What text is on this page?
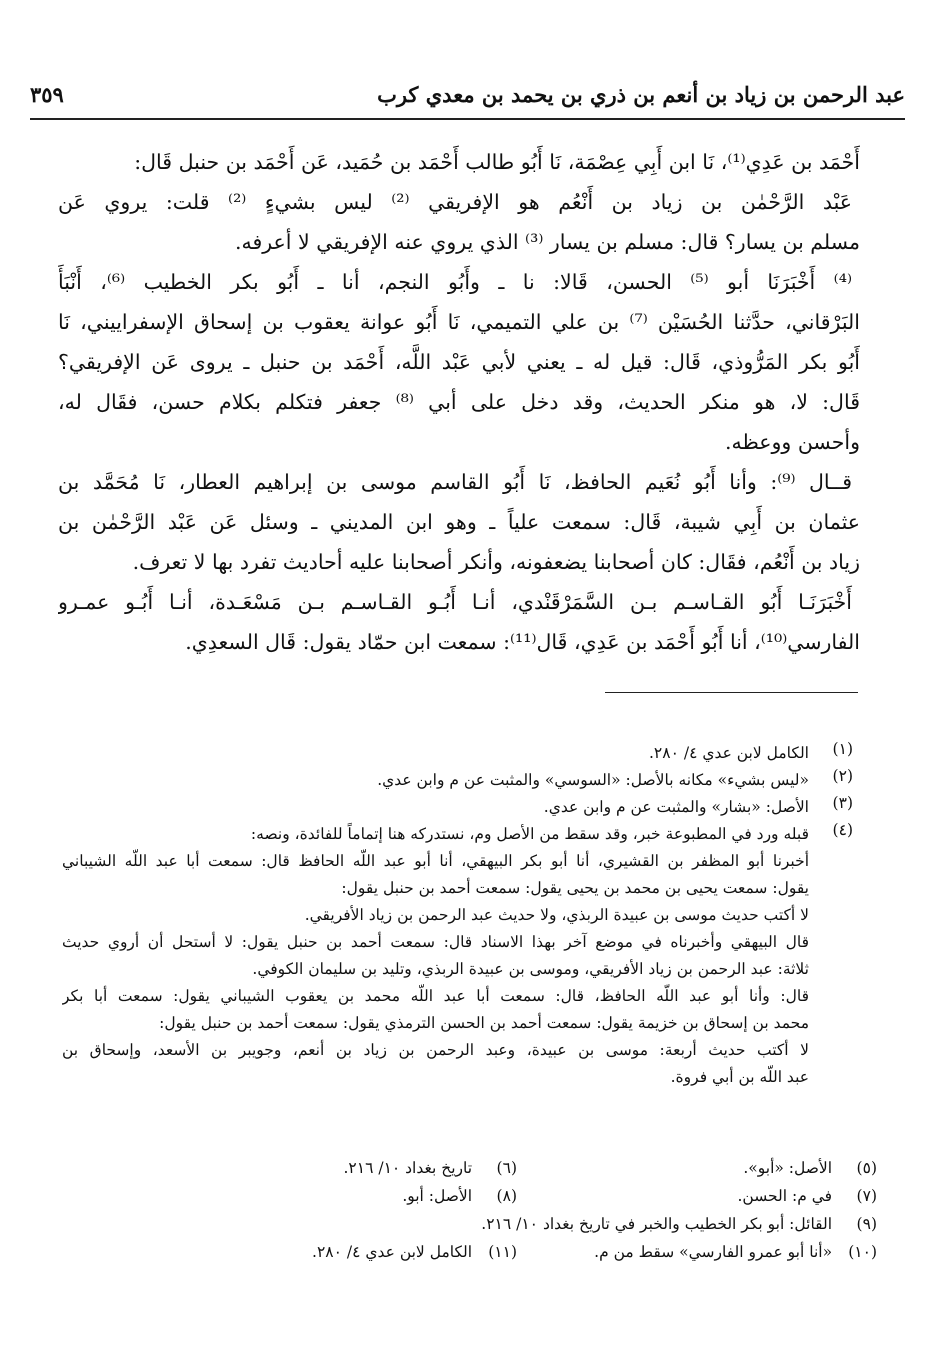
عبد الرحمن بن زياد بن أنعم بن ذري بن يحمد بن معدي كرب
٣٥٩
أَحْمَد بن عَدِي⁽¹⁾، نَا ابن أَبِي عِصْمَة، نَا أَبُو طالب أَحْمَد بن حُمَيد، عَن أَحْمَد بن حنبل قَال:
عَبْد الرَّحْمٰن بن زياد بن أَنْعُم هو الإفريقي ⁽²⁾ ليس بشيءٍ ⁽²⁾ قلت: يروي عَن
مسلم بن يسار؟ قال: مسلم بن يسار ⁽³⁾ الذي يروي عنه الإفريقي لا أعرفه.
⁽⁴⁾ أَخْبَرَنَا أبو ⁽⁵⁾ الحسن، قَالا: نا ـ وأَبُو النجم، أنا ـ أَبُو بكر الخطيب ⁽⁶⁾، أَنْبَأَ
البَرْقاني، حدَّثنا الحُسَيْن ⁽⁷⁾ بن علي التميمي، نَا أَبُو عوانة يعقوب بن إسحاق الإسفراييني، نَا
أَبُو بكر المَرُّوذي، قَال: قيل له ـ يعني لأبي عَبْد اللَّه، أَحْمَد بن حنبل ـ يروى عَن الإفريقي؟
قَال: لا، هو منكر الحديث، وقد دخل على أبي ⁽⁸⁾ جعفر فتكلم بكلام حسن، فقَال له،
وأحسن ووعظه.
قــال ⁽⁹⁾: وأنا أَبُو نُعَيم الحافظ، نَا أَبُو القاسم موسى بن إبراهيم العطار، نَا مُحَمَّد بن
عثمان بن أَبِي شيبة، قَال: سمعت علياً ـ وهو ابن المديني ـ وسئل عَن عَبْد الرَّحْمٰن بن
زياد بن أَنْعُم، فقَال: كان أصحابنا يضعفونه، وأنكر أصحابنا عليه أحاديث تفرد بها لا تعرف.
أَخْبَرَنَـا أَبُو القـاسـم بـن السَّمَرْقَنْدي، أنـا أَبُـو القـاسـم بـن مَسْعَـدة، أنـا أَبُـو عمـرو
الفارسي⁽¹⁰⁾، أنا أَبُو أَحْمَد بن عَدِي، قَال⁽¹¹⁾: سمعت ابن حمّاد يقول: قَال السعدِي.
(١)
الكامل لابن عدي ٤/ ٢٨٠.
(٢)
«ليس بشيء» مكانه بالأصل: «السوسي» والمثبت عن م وابن عدي.
(٣)
الأصل: «بشار» والمثبت عن م وابن عدي.
(٤)
قبله ورد في المطبوعة خبر، وقد سقط من الأصل وم، نستدركه هنا إتماماً للفائدة، ونصه:
أخبرنا أبو المظفر بن القشيري، أنا أبو بكر البيهقي، أنا أبو عبد اللّه الحافظ قال: سمعت أبا عبد اللّه الشيباني
يقول: سمعت يحيى بن محمد بن يحيى يقول: سمعت أحمد بن حنبل يقول:
لا أكتب حديث موسى بن عبيدة الربذي، ولا حديث عبد الرحمن بن زياد الأفريقي.
قال البيهقي وأخبرناه في موضع آخر بهذا الاسناد قال: سمعت أحمد بن حنبل يقول: لا أستحل أن أروي حديث
ثلاثة: عبد الرحمن بن زياد الأفريقي، وموسى بن عبيدة الربذي، وتليد بن سليمان الكوفي.
قال: وأنا أبو عبد اللّه الحافظ، قال: سمعت أبا عبد اللّه محمد بن يعقوب الشيباني يقول: سمعت أبا بكر
محمد بن إسحاق بن خزيمة يقول: سمعت أحمد بن الحسن الترمذي يقول: سمعت أحمد بن حنبل يقول:
لا أكتب حديث أربعة: موسى بن عبيدة، وعبد الرحمن بن زياد بن أنعم، وجويبر بن الأسعد، وإسحاق بن
عبد اللّه بن أبي فروة.
(٥) الأصل: «أبو».
(٦) تاريخ بغداد ١٠/ ٢١٦.
(٧) في م: الحسن.
(٨) الأصل: أبو.
(٩) القائل: أبو بكر الخطيب والخبر في تاريخ بغداد ١٠/ ٢١٦.
(١٠) «أنا أبو عمرو الفارسي» سقط من م.
(١١) الكامل لابن عدي ٤/ ٢٨٠.
